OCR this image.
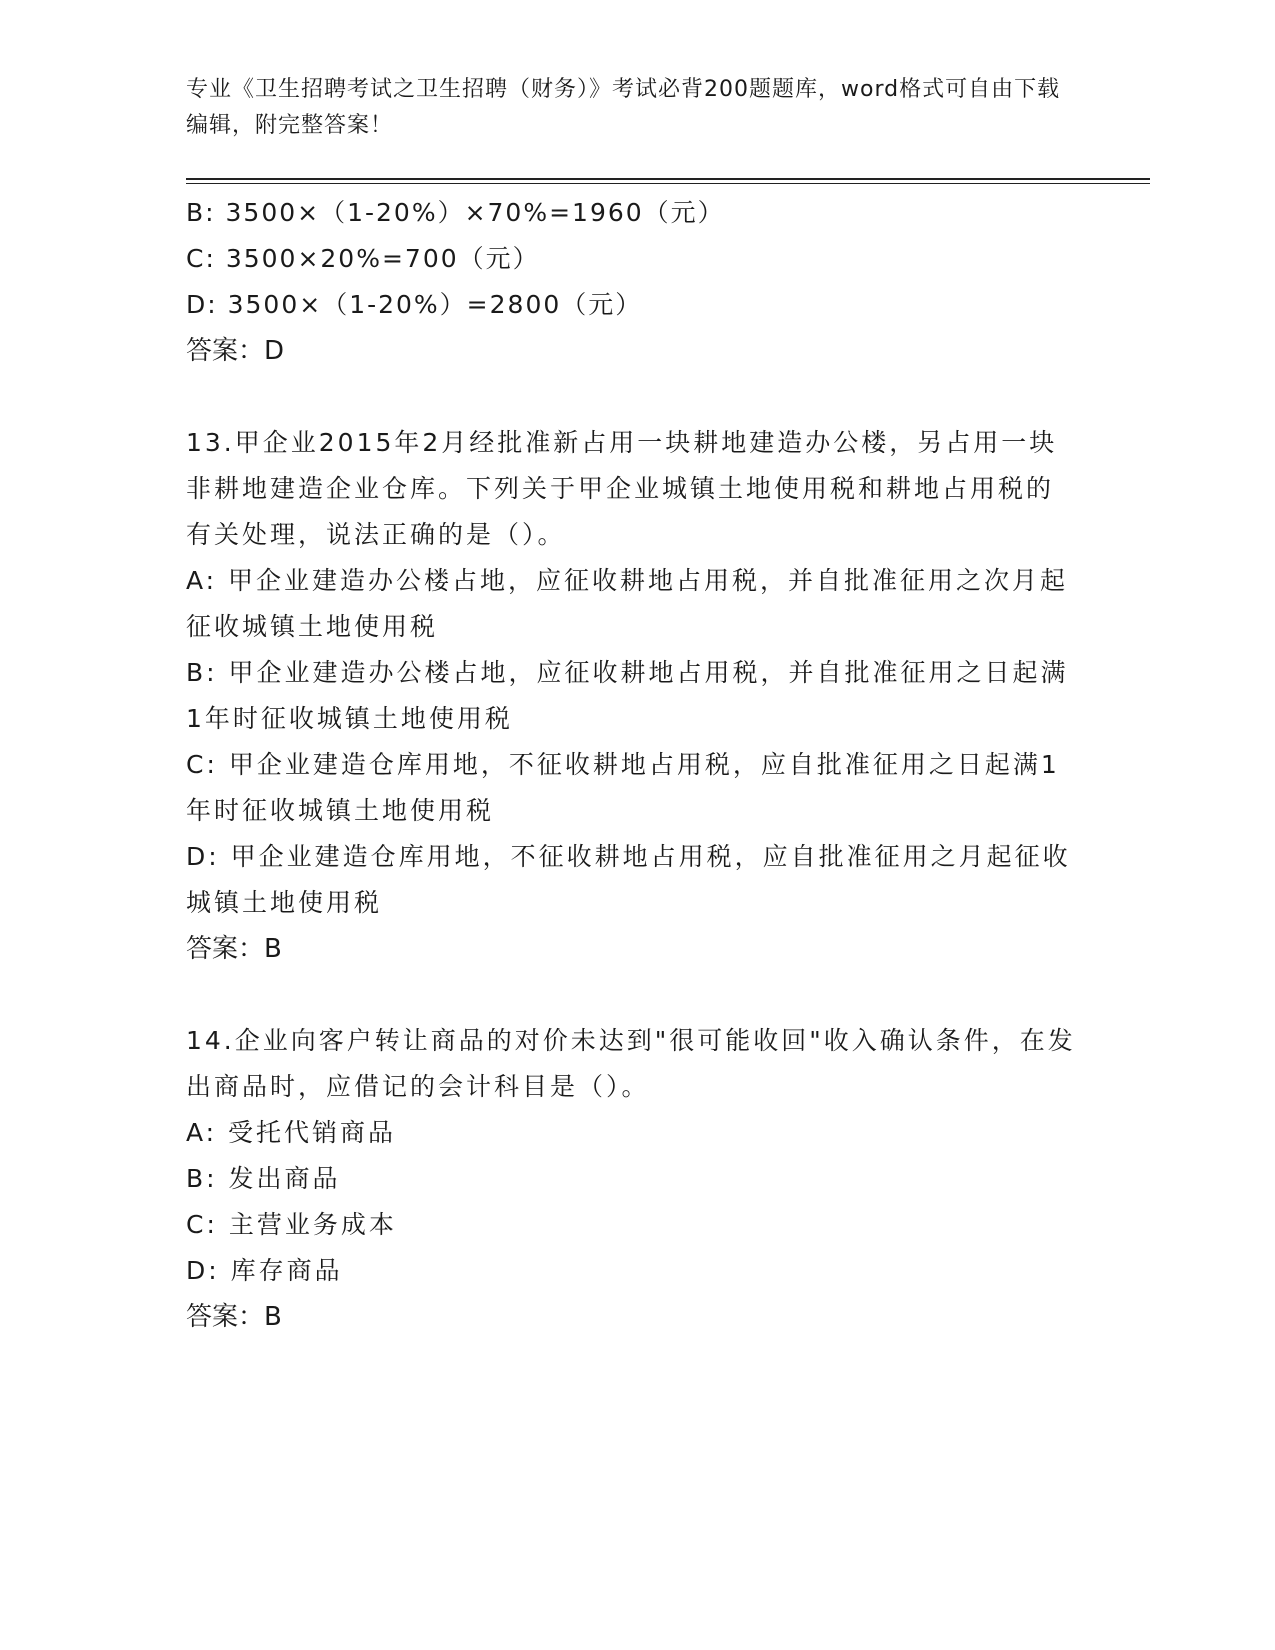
专业《卫生招聘考试之卫生招聘（财务）》考试必背200题题库，word格式可自由下载编辑，附完整答案！
B: 3500×（1-20%）×70%=1960（元）
C: 3500×20%=700（元）
D: 3500×（1-20%）=2800（元）
答案：D
13.甲企业2015年2月经批准新占用一块耕地建造办公楼，另占用一块非耕地建造企业仓库。下列关于甲企业城镇土地使用税和耕地占用税的有关处理，说法正确的是（）。
A: 甲企业建造办公楼占地，应征收耕地占用税，并自批准征用之次月起征收城镇土地使用税
B: 甲企业建造办公楼占地，应征收耕地占用税，并自批准征用之日起满1年时征收城镇土地使用税
C: 甲企业建造仓库用地，不征收耕地占用税，应自批准征用之日起满1年时征收城镇土地使用税
D: 甲企业建造仓库用地，不征收耕地占用税，应自批准征用之月起征收城镇土地使用税
答案：B
14.企业向客户转让商品的对价未达到"很可能收回"收入确认条件，在发出商品时，应借记的会计科目是（）。
A: 受托代销商品
B: 发出商品
C: 主营业务成本
D: 库存商品
答案：B
